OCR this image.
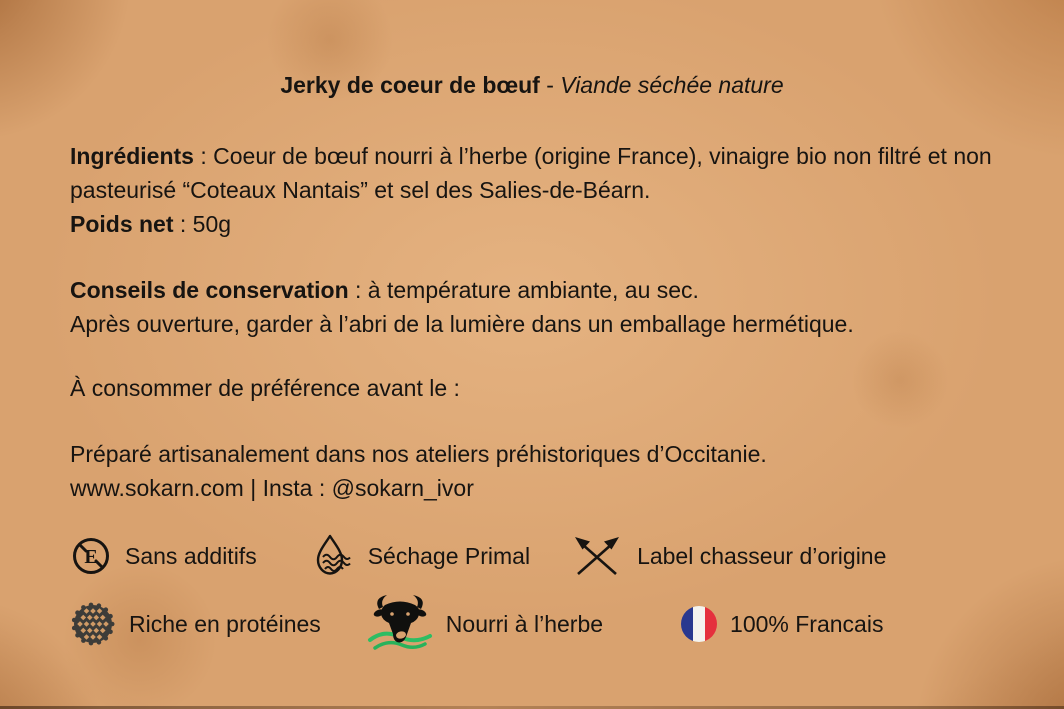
Jerky de coeur de bœuf - Viande séchée nature
Ingrédients : Coeur de bœuf nourri à l’herbe (origine France), vinaigre bio non filtré et non pasteurisé “Coteaux Nantais” et sel des Salies-de-Béarn.
Poids net : 50g
Conseils de conservation : à température ambiante, au sec.
Après ouverture, garder à l’abri de la lumière dans un emballage hermétique.
À consommer de préférence avant le :
Préparé artisanalement dans nos ateliers préhistoriques d’Occitanie.
www.sokarn.com | Insta : @sokarn_ivor
E Sans additifs	Séchage Primal	Label chasseur d’origine
Riche en protéines	Nourri à l’herbe	100% Francais
